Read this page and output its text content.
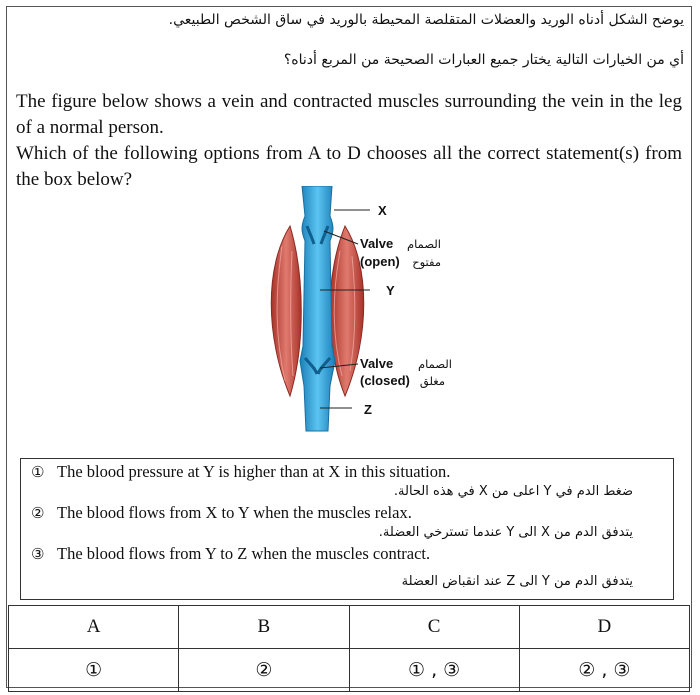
يوضح الشكل أدناه الوريد والعضلات المتقلصة المحيطة بالوريد في ساق الشخص الطبيعي.
أي من الخيارات التالية يختار جميع العبارات الصحيحة من المربع أدناه؟
The figure below shows a vein and contracted muscles surrounding the vein in the leg of a normal person.
Which of the following options from A to D chooses all the correct statement(s) from the box below?
X
Valve الصمام
(open) مفتوح
Y
Valve الصمام
(closed) مغلق
Z
① The blood pressure at Y is higher than at X in this situation.
ضغط الدم في Y اعلى من X في هذه الحالة.
② The blood flows from X to Y when the muscles relax.
يتدفق الدم من X الى Y عندما تسترخي العضلة.
③ The blood flows from Y to Z when the muscles contract.
يتدفق الدم من Y الى Z عند انقباض العضلة
A	B	C	D
①	②	① , ③	② , ③
